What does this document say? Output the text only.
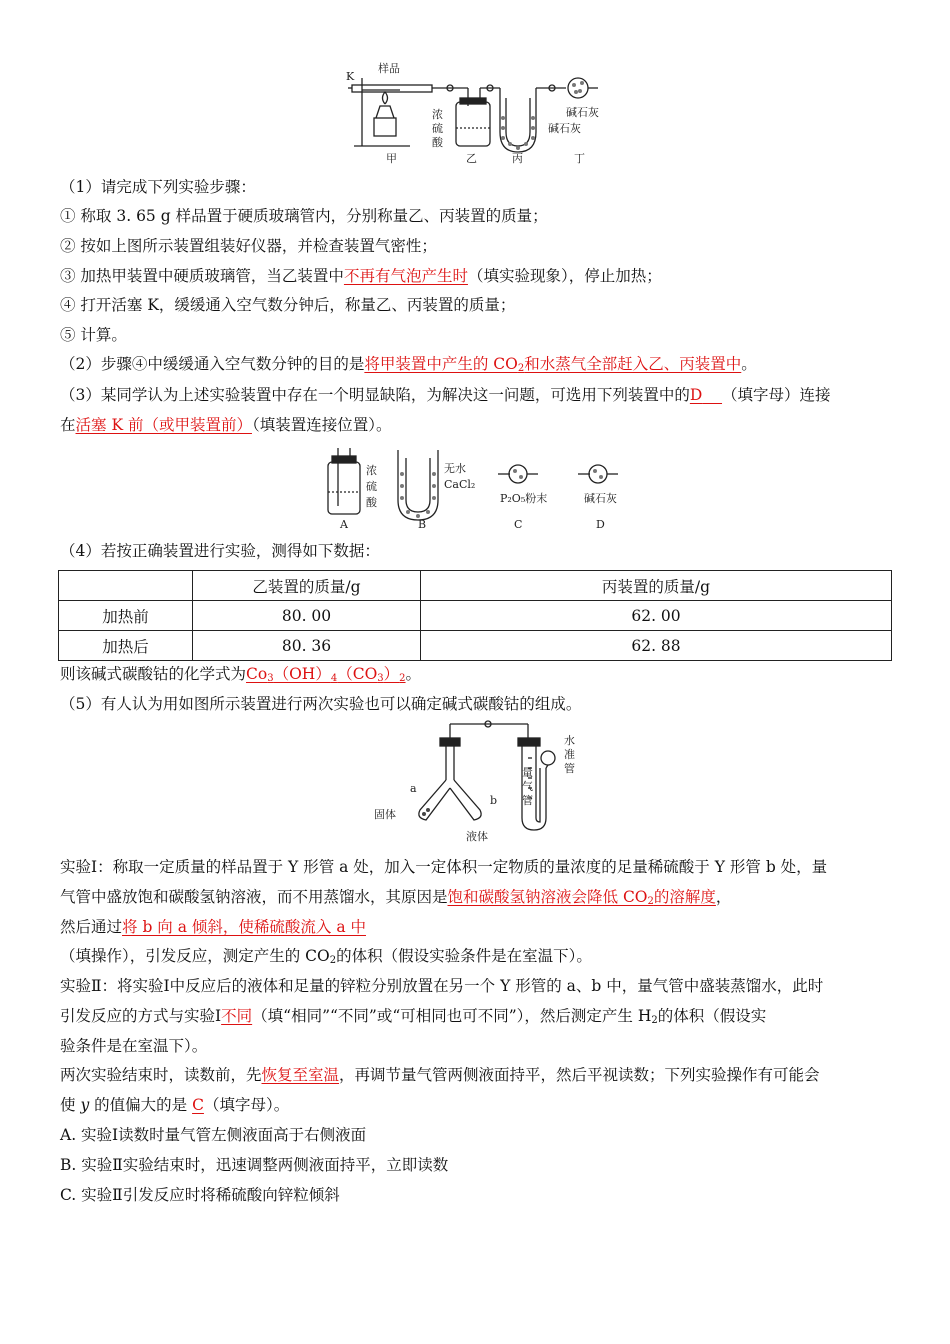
K
样品
浓
硫
酸
碱石灰
碱石灰
甲	乙	丙	丁
（1）请完成下列实验步骤：
① 称取 3. 65 g 样品置于硬质玻璃管内，分别称量乙、丙装置的质量；
② 按如上图所示装置组装好仪器，并检查装置气密性；
③ 加热甲装置中硬质玻璃管，当乙装置中不再有气泡产生时（填实验现象），停止加热；
④ 打开活塞 K，缓缓通入空气数分钟后，称量乙、丙装置的质量；
⑤ 计算。
（2）步骤④中缓缓通入空气数分钟的目的是将甲装置中产生的 $CO_2$和水蒸气全部赶入乙、丙装置中。
（3）某同学认为上述实验装置中存在一个明显缺陷，为解决这一问题，可选用下列装置中的D （填字母）连接
在活塞 K 前（或甲装置前）（填装置连接位置）。
浓
硫
酸
无水
CaCl₂
P₂O₅粉末	碱石灰
A	B	C	D
（4）若按正确装置进行实验，测得如下数据：
	乙装置的质量/g	丙装置的质量/g
加热前	80. 00	62. 00
加热后	80. 36	62. 88
则该碱式碳酸钴的化学式为$Co_3(OH)_4(CO_3)_2$。
（5）有人认为用如图所示装置进行两次实验也可以确定碱式碳酸钴的组成。
a
b
固体
液体
水
准
管
量
气
管
实验Ⅰ：称取一定质量的样品置于 Y 形管 a 处，加入一定体积一定物质的量浓度的足量稀硫酸于 Y 形管 b 处，量
气管中盛放饱和碳酸氢钠溶液，而不用蒸馏水，其原因是饱和碳酸氢钠溶液会降低 $CO_2$的溶解度，
然后通过将 b 向 a 倾斜，使稀硫酸流入 a 中
（填操作），引发反应，测定产生的 $CO_2$的体积（假设实验条件是在室温下）。
实验Ⅱ：将实验Ⅰ中反应后的液体和足量的锌粒分别放置在另一个 Y 形管的 a、b 中，量气管中盛装蒸馏水，此时
引发反应的方式与实验Ⅰ不同（填“相同”“不同”或“可相同也可不同”），然后测定产生 $H_2$的体积（假设实
验条件是在室温下）。
两次实验结束时，读数前，先恢复至室温，再调节量气管两侧液面持平，然后平视读数；下列实验操作有可能会
使 y 的值偏大的是 C（填字母）。
A. 实验Ⅰ读数时量气管左侧液面高于右侧液面
B. 实验Ⅱ实验结束时，迅速调整两侧液面持平，立即读数
C. 实验Ⅱ引发反应时将稀硫酸向锌粒倾斜
